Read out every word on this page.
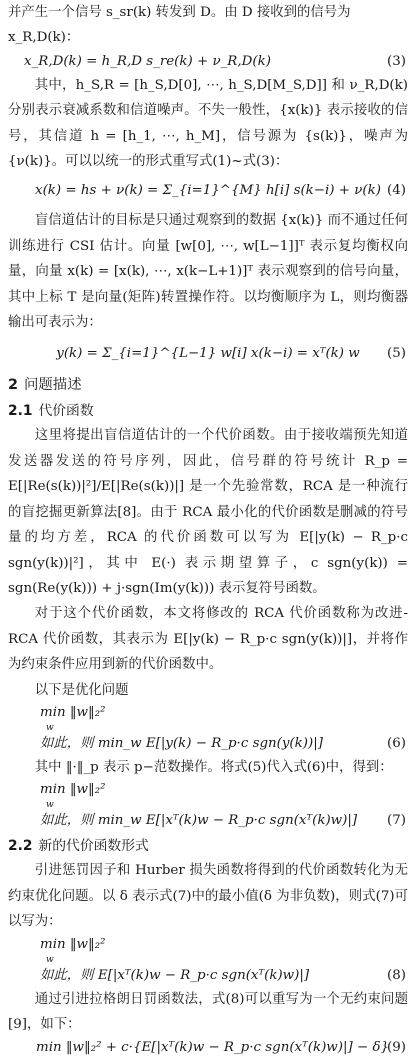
并产生一个信号 s_sr(k) 转发到 D。由 D 接收到的信号为

x_R,D(k)：

x_R,D(k) = h_R,D s_re(k) + ν_R,D(k)	(3)

其中，h_S,R = [h_S,D[0], ⋯, h_S,D[M_S,D]] 和 ν_R,D(k) 分别表示衰减系数和信道噪声。不失一般性，{x(k)} 表示接收的信号，其信道 h = [h_1, ⋯, h_M]，信号源为 {s(k)}，噪声为 {ν(k)}。可以以统一的形式重写式(1)~式(3)：

x(k) = hs + ν(k) = Σ_{i=1}^{M} h[i] s(k−i) + ν(k) (4)

盲信道估计的目标是只通过观察到的数据 {x(k)} 而不通过任何训练进行 CSI 估计。向量 [w[0], ⋯, w[L−1]]ᵀ 表示复均衡权向量，向量 x(k) = [x(k), ⋯, x(k−L+1)]ᵀ 表示观察到的信号向量，其中上标 T 是向量(矩阵)转置操作符。以均衡顺序为 L，则均衡器输出可表示为：

y(k) = Σ_{i=1}^{L−1} w[i] x(k−i) = xᵀ(k) w (5)
2 问题描述
2.1 代价函数

这里将提出盲信道估计的一个代价函数。由于接收端预先知道发送器发送的符号序列，因此，信号群的符号统计 R_p = E[|Re(s(k))|²]/E[|Re(s(k))|] 是一个先验常数，RCA 是一种流行的盲挖掘更新算法[8]。由于 RCA 最小化的代价函数是删减的符号量的均方差，RCA 的代价函数可以写为 E[|y(k) − R_p·c sgn(y(k))|²]，其中 E(·) 表示期望算子，c sgn(y(k)) = sgn(Re(y(k))) + j·sgn(Im(y(k))) 表示复符号函数。

对于这个代价函数，本文将修改的 RCA 代价函数称为改进-RCA 代价函数，其表示为 E[|y(k) − R_p·c sgn(y(k))|]，并将作为约束条件应用到新的代价函数中。

以下是优化问题

min ‖w‖₂²
w
如此，则 min_w E[|y(k) − R_p·c sgn(y(k))|]	(6)

其中 ‖·‖_p 表示 p−范数操作。将式(5)代入式(6)中，得到：

min ‖w‖₂²
w
如此，则 min_w E[|xᵀ(k)w − R_p·c sgn(xᵀ(k)w)|] (7)
2.2 新的代价函数形式

引进惩罚因子和 Hurber 损失函数将得到的代价函数转化为无约束优化问题。以 δ 表示式(7)中的最小值(δ 为非负数)，则式(7)可以写为：

min ‖w‖₂²
w
如此，则 E[|xᵀ(k)w − R_p·c sgn(xᵀ(k)w)|]	(8)

通过引进拉格朗日罚函数法，式(8)可以重写为一个无约束问题[9]，如下：

min ‖w‖₂² + c·{E[|xᵀ(k)w − R_p·c sgn(xᵀ(k)w)|] − δ}
(9)
